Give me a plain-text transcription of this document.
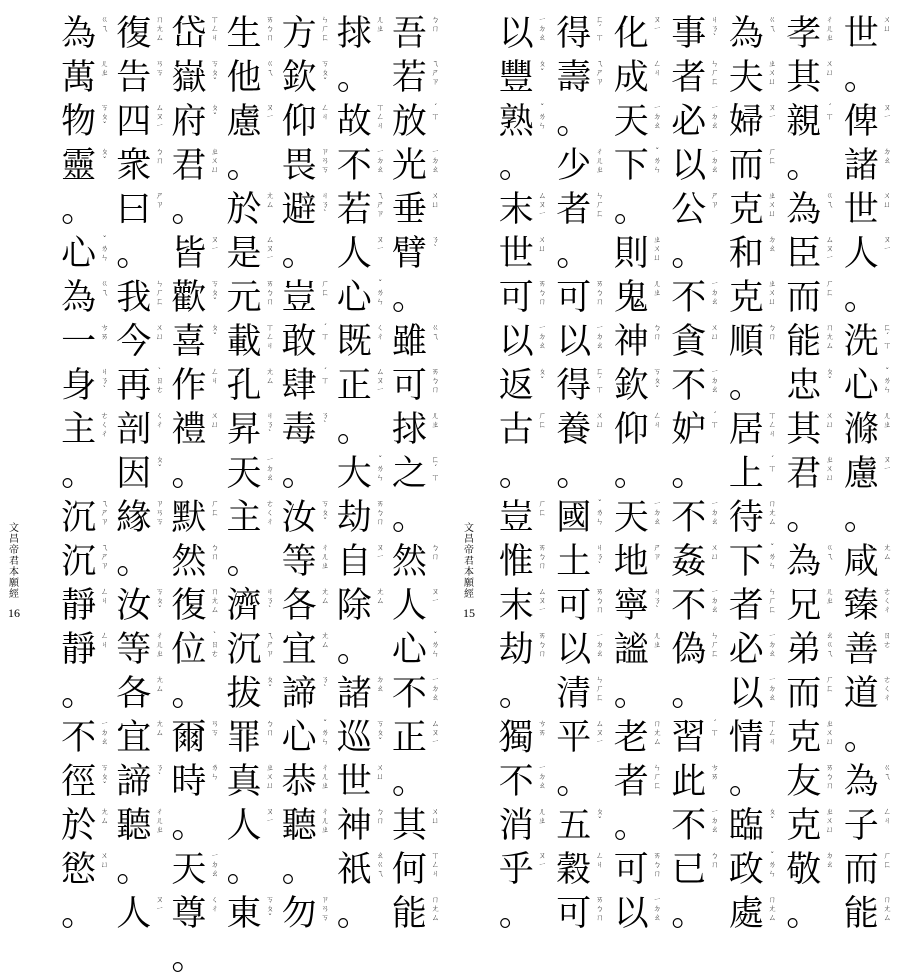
世 ㄨ
ㄩ
。
俾 ㄡ
ㄧ
諸 ㄉ
ㄠ
世 ㄨ
ㄩ
人 ㄡ
ㄧ
。
洗 ㄈ
ˊ
ㄒ
心 ˇ
ㄌ
ㄣ
滌 ㄦ
ㄓ
慮 ㄡ
ㄧ
。
咸 ㄤ
ㄙ
臻 ㄜ
ㄑ
ㄔ
善 ㄖ
ㄜ
道 ㄜ
ㄑ
ㄔ
。
為 ㄍ
ㄟ
子 ㄥ
ㄐ
而 ㄏ
ㄈ
能 ㄇ
ㄤ
ㄙ
孝 ㄔ
ㄦ
ㄓ
其 ㄨ
ㄩ
親 ˊ
ㄒ
。
為 ㄍ
ㄟ
臣 ㄙ
ㄡ
ㄧ
而 ㄏ
ㄈ
能 ㄇ
ㄤ
ㄙ
忠 ㄆ
ˇ
其 ㄨ
ㄩ
君 ㄓ
ㄨ
ㄩ
。
為 ㄍ
ㄟ
兄 ㄦ
ㄓ
弟 ㄠ
ㄍ
ㄟ
而 ㄏ
ㄈ
克 ㄓ
ㄨ
ㄩ
友 ㄞ
ㄅ
ㄇ
克 ㄓ
ㄨ
ㄩ
敬 ㄉ
ㄠ
。
為 ㄍ
ㄟ
夫 ㄓ
ㄨ
ㄩ
婦 ㄡ
ㄧ
而 ㄏ
ㄈ
克 ㄓ
ㄨ
ㄩ
和 ㄉ
ㄠ
克 ㄓ
ㄨ
ㄩ
順 ㄅ
ㄇ
。
居 ㄒ
ㄥ
ㄐ
上 ˊ
ㄒ
待 ㄇ
ㄤ
ㄙ
下 ˇ
ㄌ
ㄣ
者 ㄣ
ㄏ
ㄈ
必 ㄧ
ㄉ
ㄠ
以 ㄧ
ㄉ
ㄠ
情 ㄒ
ㄥ
ㄐ
。
臨 ㄆ
ˇ
政 ˇ
ㄌ
ㄣ
處 ㄇ
ㄤ
ㄙ
事 ㄐ
ㄋ
ˋ
者 ㄣ
ㄏ
ㄈ
必 ㄧ
ㄉ
ㄠ
以 ㄧ
ㄉ
ㄠ
公 ㄕ
ㄗ
。
不 ㄧ
ㄉ
ㄠ
貪 ㄨ
ㄩ
不 ㄧ
ㄉ
ㄠ
妒 ˊ
ㄒ
。
不 ㄧ
ㄉ
ㄠ
姦 ㄨ
ㄩ
不 ㄧ
ㄉ
ㄠ
偽 ㄣ
ㄏ
ㄈ
。
習 ˊ
ㄒ
此 ㄘ
ㄞ
不 ㄧ
ㄉ
ㄠ
已 ㄅ
ㄇ
。
化 ㄡ
ㄧ
成 ㄥ
ㄐ
天 ㄧ
ㄉ
ㄠ
下 ˇ
ㄌ
ㄣ
。
則 ㄓ
ㄨ
ㄩ
鬼 ㄦ
ㄓ
神 ㄅ
ㄇ
欽 ㄎ
ㄆ
ˇ
仰 ㄥ
ㄐ
。
天 ㄧ
ㄉ
ㄠ
地 ㄕ
ㄗ
寧 ㄐ
ㄋ
ˋ
謐 ㄦ
ㄓ
。
老 ㄇ
ㄤ
ㄙ
者 ㄣ
ㄏ
ㄈ
。
可 ㄞ
ㄅ
ㄇ
以 ㄧ
ㄉ
ㄠ
得 ㄈ
ˊ
ㄒ
壽 ㄟ
ㄕ
ㄗ
。
少 ㄔ
ㄦ
ㄓ
者 ㄣ
ㄏ
ㄈ
。
可 ㄞ
ㄅ
ㄇ
以 ㄧ
ㄉ
ㄠ
得 ㄈ
ˊ
ㄒ
養 ㄨ
ㄩ
。
國 ˇ
ㄌ
ㄣ
土 ㄐ
ㄋ
ˋ
可 ㄞ
ㄅ
ㄇ
以 ㄧ
ㄉ
ㄠ
清 ㄣ
ㄏ
ㄈ
平 ㄙ
ㄡ
ㄧ
。
五 ㄆ
ˇ
穀 ㄥ
ㄐ
可 ㄞ
ㄅ
ㄇ
以 ㄧ
ㄉ
ㄠ
豐 ㄆ
ˇ
熟 ˇ
ㄌ
ㄣ
。
末 ㄙ
ㄡ
ㄧ
世 ㄨ
ㄩ
可 ㄞ
ㄅ
ㄇ
以 ㄧ
ㄉ
ㄠ
返 ㄆ
ˇ
古 ㄏ
ㄈ
。
豈 ㄏ
ㄈ
惟 ㄞ
ㄅ
ㄇ
末 ㄙ
ㄡ
ㄧ
劫 ㄞ
ㄅ
ㄇ
。
獨 ㄘ
ㄞ
不 ㄧ
ㄉ
ㄠ
消 ㄦ
ㄓ
乎 ㄡ
ㄧ
。
文
昌
帝
君
本
願
經
15
吾 ㄅ
ㄇ
若 ㄟ
ㄕ
ㄗ
放 ˊ
ㄒ
光 ㄧ
ㄉ
ㄠ
垂 ㄨ
ㄩ
臂 ㄋ
ˋ
。
雖 ㄍ
ㄟ
可 ㄞ
ㄅ
ㄇ
捄 ㄦ
ㄓ
之 ㄈ
ˊ
ㄒ
。
然 ㄅ
ㄇ
人 ㄡ
ㄧ
心 ˇ
ㄌ
ㄣ
不 ㄧ
ㄉ
ㄠ
正 ㄙ
ㄡ
ㄧ
。
其 ㄨ
ㄩ
何 ㄒ
ㄥ
ㄐ
能 ㄇ
ㄤ
ㄙ
捄 ㄦ
ㄓ
。
故 ㄒ
ㄥ
ㄐ
不 ㄧ
ㄉ
ㄠ
若 ㄟ
ㄕ
ㄗ
人 ㄡ
ㄧ
心 ˇ
ㄌ
ㄣ
既 ㄑ
ㄔ
正 ㄙ
ㄡ
ㄧ
。
大 ˇ
ㄌ
ㄣ
劫 ㄞ
ㄅ
ㄇ
自 ㄡ
ㄧ
除 ㄤ
ㄙ
。
諸 ㄉ
ㄠ
巡 ㄎ
ㄆ
ˇ
世 ㄨ
ㄩ
神 ㄅ
ㄇ
祇 ㄠ
ㄍ
ㄟ
。
方 ㄣ
ㄏ
ㄈ
欽 ㄎ
ㄆ
ˇ
仰 ㄥ
ㄐ
畏 ㄗ
ㄢ
ㄎ
避 ㄐ
ㄋ
ˋ
。
豈 ㄏ
ㄈ
敢 ˊ
ㄒ
肆 ˊ
ㄒ
毒 ㄋ
ˋ
。
汝 ㄎ
ㄆ
ˇ
等 ㄔ
ㄦ
ㄓ
各 ㄤ
ㄙ
宜 ㄤ
ㄙ
諦 ㄋ
ˋ
心 ˇ
ㄌ
ㄣ
恭 ㄔ
ㄦ
ㄓ
聽 ㄔ
ㄦ
ㄓ
。
勿 ㄗ
ㄢ
ㄎ
生 ㄞ
ㄅ
ㄇ
他 ㄍ
ㄟ
慮 ㄡ
ㄧ
。
於 ㄤ
ㄙ
是 ㄙ
ㄡ
ㄧ
元 ㄞ
ㄅ
ㄇ
載 ㄒ
ㄥ
ㄐ
孔 ㄤ
ㄙ
昇 ㄐ
ㄋ
ˋ
天 ㄧ
ㄉ
ㄠ
主 ㄜ
ㄑ
ㄔ
。
濟 ㄐ
ㄋ
ˋ
沉 ㄟ
ㄕ
ㄗ
拔 ㄆ
ˇ
罪 ㄅ
ㄇ
真 ㄓ
ㄨ
ㄩ
人 ㄡ
ㄧ
。
東 ㄎ
ㄆ
ˇ
岱 ㄒ
ㄥ
ㄐ
嶽 ㄎ
ㄆ
ˇ
府 ㄆ
ˇ
君 ㄓ
ㄨ
ㄩ
。
皆 ㄡ
ㄧ
歡 ㄎ
ㄆ
ˇ
喜 ㄆ
ˇ
作 ㄥ
ㄐ
禮 ㄨ
ㄩ
。
默 ㄏ
ㄈ
然 ㄅ
ㄇ
復 ㄇ
ㄤ
ㄙ
位 ˋ
ㄖ
ㄜ
。
爾 ㄢ
ㄎ
時 ㄌ
ㄣ
。
天 ㄧ
ㄉ
ㄠ
尊 ㄑ
ㄔ
。
復 ㄇ
ㄤ
ㄙ
告 ㄢ
ㄎ
四 ㄙ
ㄡ
ㄧ
衆 ㄅ
ㄇ
曰 ㄕ
ㄗ
。
我 ㄣ
ㄏ
ㄈ
今 ㄨ
ㄩ
再 ˋ
ㄖ
ㄜ
剖 ㄑ
ㄔ
因 ㄆ
ˇ
緣 ㄗ
ㄢ
ㄎ
。
汝 ㄎ
ㄆ
ˇ
等 ㄔ
ㄦ
ㄓ
各 ㄤ
ㄙ
宜 ㄤ
ㄙ
諦 ㄋ
ˋ
聽 ㄔ
ㄦ
ㄓ
。
人 ㄡ
ㄧ
為 ㄍ
ㄟ
萬 ㄦ
ㄓ
物 ㄎ
ㄆ
ˇ
靈 ㄆ
ˇ
。
心 ˇ
ㄌ
ㄣ
為 ㄍ
ㄟ
一 ㄘ
ㄞ
身 ㄐ
ㄋ
ˋ
主 ㄜ
ㄑ
ㄔ
。
沉 ㄟ
ㄕ
ㄗ
沉 ㄟ
ㄕ
ㄗ
靜 ㄥ
ㄐ
靜 ㄥ
ㄐ
。
不 ㄧ
ㄉ
ㄠ
徑 ㄎ
ㄆ
ˇ
於 ㄤ
ㄙ
慾 ㄨ
ㄩ
。
文
昌
帝
君
本
願
經
16
